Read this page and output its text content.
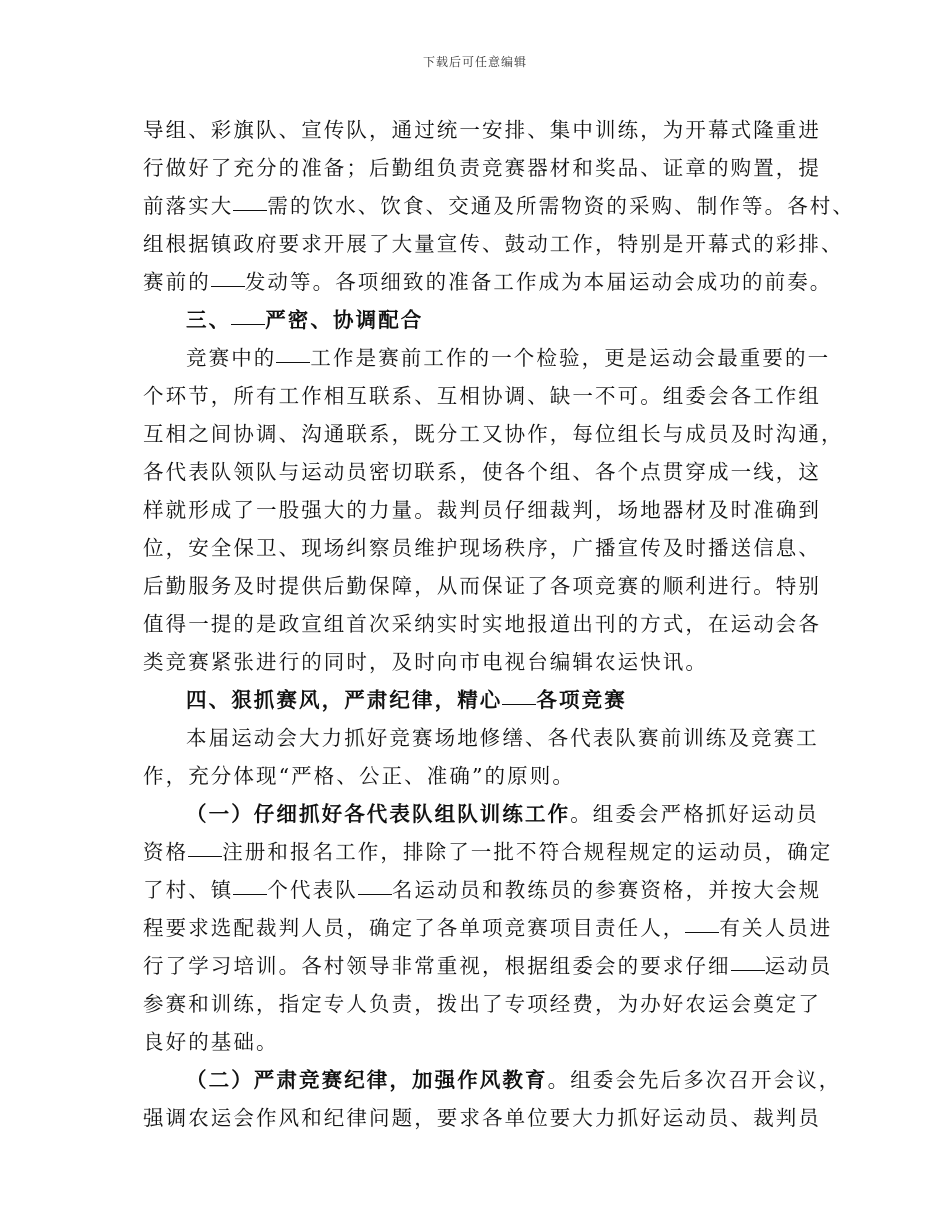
下载后可任意编辑
导组、彩旗队、宣传队，通过统一安排、集中训练，为开幕式隆重进
行做好了充分的准备；后勤组负责竞赛器材和奖品、证章的购置，提
前落实大 需的饮水、饮食、交通及所需物资的采购、制作等。各村、
组根据镇政府要求开展了大量宣传、鼓动工作，特别是开幕式的彩排、
赛前的 发动等。各项细致的准备工作成为本届运动会成功的前奏。
三、 严密、协调配合
竞赛中的 工作是赛前工作的一个检验，更是运动会最重要的一
个环节，所有工作相互联系、互相协调、缺一不可。组委会各工作组
互相之间协调、沟通联系，既分工又协作，每位组长与成员及时沟通，
各代表队领队与运动员密切联系，使各个组、各个点贯穿成一线，这
样就形成了一股强大的力量。裁判员仔细裁判，场地器材及时准确到
位，安全保卫、现场纠察员维护现场秩序，广播宣传及时播送信息、
后勤服务及时提供后勤保障，从而保证了各项竞赛的顺利进行。特别
值得一提的是政宣组首次采纳实时实地报道出刊的方式，在运动会各
类竞赛紧张进行的同时，及时向市电视台编辑农运快讯。
四、狠抓赛风，严肃纪律，精心 各项竞赛
本届运动会大力抓好竞赛场地修缮、各代表队赛前训练及竞赛工
作，充分体现“严格、公正、准确”的原则。
（一）仔细抓好各代表队组队训练工作。组委会严格抓好运动员
资格 注册和报名工作，排除了一批不符合规程规定的运动员，确定
了村、镇 个代表队 名运动员和教练员的参赛资格，并按大会规
程要求选配裁判人员，确定了各单项竞赛项目责任人， 有关人员进
行了学习培训。各村领导非常重视，根据组委会的要求仔细 运动员
参赛和训练，指定专人负责，拨出了专项经费，为办好农运会奠定了
良好的基础。
（二）严肃竞赛纪律，加强作风教育。组委会先后多次召开会议，
强调农运会作风和纪律问题，要求各单位要大力抓好运动员、裁判员
